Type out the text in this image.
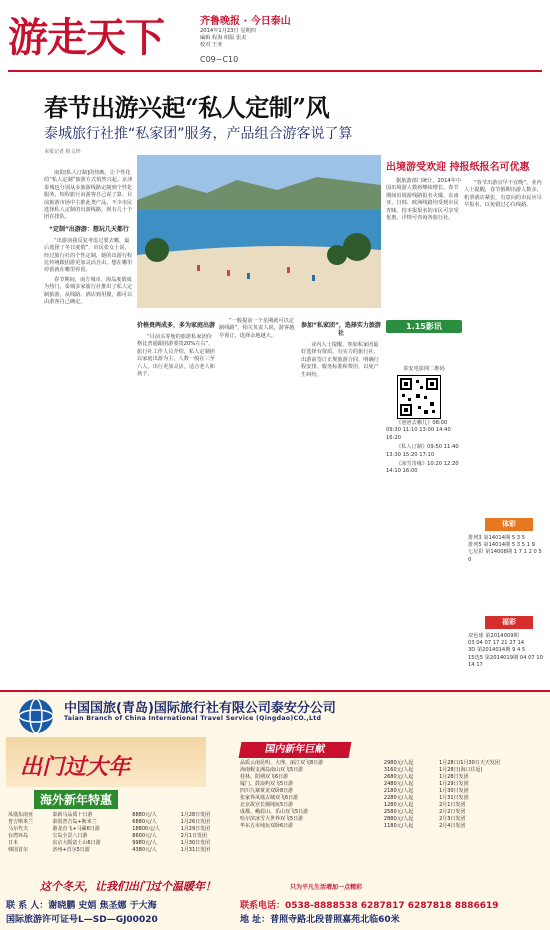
游走天下	齐鲁晚报 · 今日泰山
2014年1月23日 星期四
编辑 程海 组版 张美
校对 王亚
C09~C10
春节出游兴起“私人定制”风
泰城旅行社推“私家团”服务，产品组合游客说了算
本报记者 程文珍

南影[私人订制]的热映，让个性化的“私人定制”旅游方式悄然兴起。京津泰城也分别从多旅游线路定制到个性化服务，短程旅行由游客自己说了算。目前旅游市场中主推此类产品，不少市民选择私人定制的出游线路，现有几十个团在排队。

“定制”出游游：想玩几天都行

“出游前我反复考虑过要去哪，最后选择了冬日度假”，市民张女士说，经过旅行社的个性定制，她的出游行程比传统跟团游更加灵活自由，想在哪里停留就在哪里停留。

春节期间，南方城市、海岛度假成为热门，泰城多家旅行社推出了私人定制旅游，从线路、酒店到用餐，都可以由游客自己确定。

价格贵两成多，多为家庭出游

“目前头等舱的旅游私家团价格比普通跟团游要贵20%左右”，旅行社工作人员介绍，私人定制团以家庭出游为主，人数一般在三至六人，出行更加灵活，适合老人和孩子。

“一般提前一个星期就可以定制线路”，相关负责人说，游客越早预订，选择余地越大。

参加“私家团”，选择实力旅游社

业内人士提醒，参加私家团最好选择有资质、有实力的旅行社，出游前签订正规旅游合同，明确行程安排、服务标准和费用，以免产生纠纷。

出境游受欢迎 持报纸报名可优惠

据旅游部门统计，2014年中国出境游人数将继续增长，春节期间出境游线路报名火爆，东南亚、日韩、欧洲线路均受到市民青睐。持本报报名的市民可享受优惠，详情可咨询各旅行社。

“春节出游宜早不宜晚”，业内人士提醒，春节假期出游人数多，机票酒店紧张，有意向的市民应尽早报名，以免错过心仪线路。

1.15影讯
泰安电影网二维码

《爸爸去哪儿》08:00 09:30 11:10 13:00 14:40 16:20

《私人订制》09:50 11:40 13:30 15:20 17:10

《冰雪奇缘》10:20 12:20 14:10 16:00

体彩
排列3 第14014期 5 3 5
排列5 第14014期 5 3 5 1 9
七星彩 第14008期 1 7 1 2 0 5 0
福彩
双色球 第2014009期
03 04 07 17 21 27 14
3D 第2014014期 9 4 5
15选5 第2014019期 04 07 10 14 17
中国国旅(青岛)国际旅行社有限公司泰安分公司
Taian Branch of China International Travel Service (Qingdao)CO.,Ltd
出门过大年
海外新年特惠
国内新年巨献
凤凰东南亚	泰新马品质十日游	8880元/人	1月28日发团
普吉斯米兰	泰国普吉岛+斯米兰	6880元/人	1月26日发团
马尔代夫	港龙直飞+马累6日游	18800元/人	1月29日发团
台湾环岛	宝岛全景八日游	8600元/人	2月1日发团
日本	东京大阪富士山6日游	9980元/人	1月30日发团
韩国首尔	济州+首尔5日游	4380元/人	1月31日发团
品质云南昆明、大理、丽江双飞8日游	2980元/人起	1月28日/1月30日天天发团
海南蜈支洲岛南山双飞5日游	3160元/人起	1月28日(海口往返)
桂林、阳朔双飞6日游	2680元/人起	1月28日发团
厦门、鼓浪屿双飞5日游	2480元/人起	1月29日发团
四川九寨黄龙双卧8日游	2180元/人起	1月30日发团
张家界凤凰古城双飞6日游	2280元/人起	1月31日发团
北京故宫长城纯玩5日游	1280元/人起	2月1日发团
成都、峨眉山、乐山双飞5日游	2580元/人起	2月2日发团
哈尔滨冰雪大世界双飞5日游	2880元/人起	2月3日发团
华东五市纯玩双卧6日游	1180元/人起	2月4日发团
这个冬天，让我们出门过个温暖年！	只为平凡生活增加一点精彩
联 系 人：谢晓鹏 史娟 焦圣娜 于大海	联系电话：0538-8888538 6287817 6287818 8886619
国际旅游许可证号L—SD—GJ00020	地 址：普照寺路北段普照嘉苑北临60米
